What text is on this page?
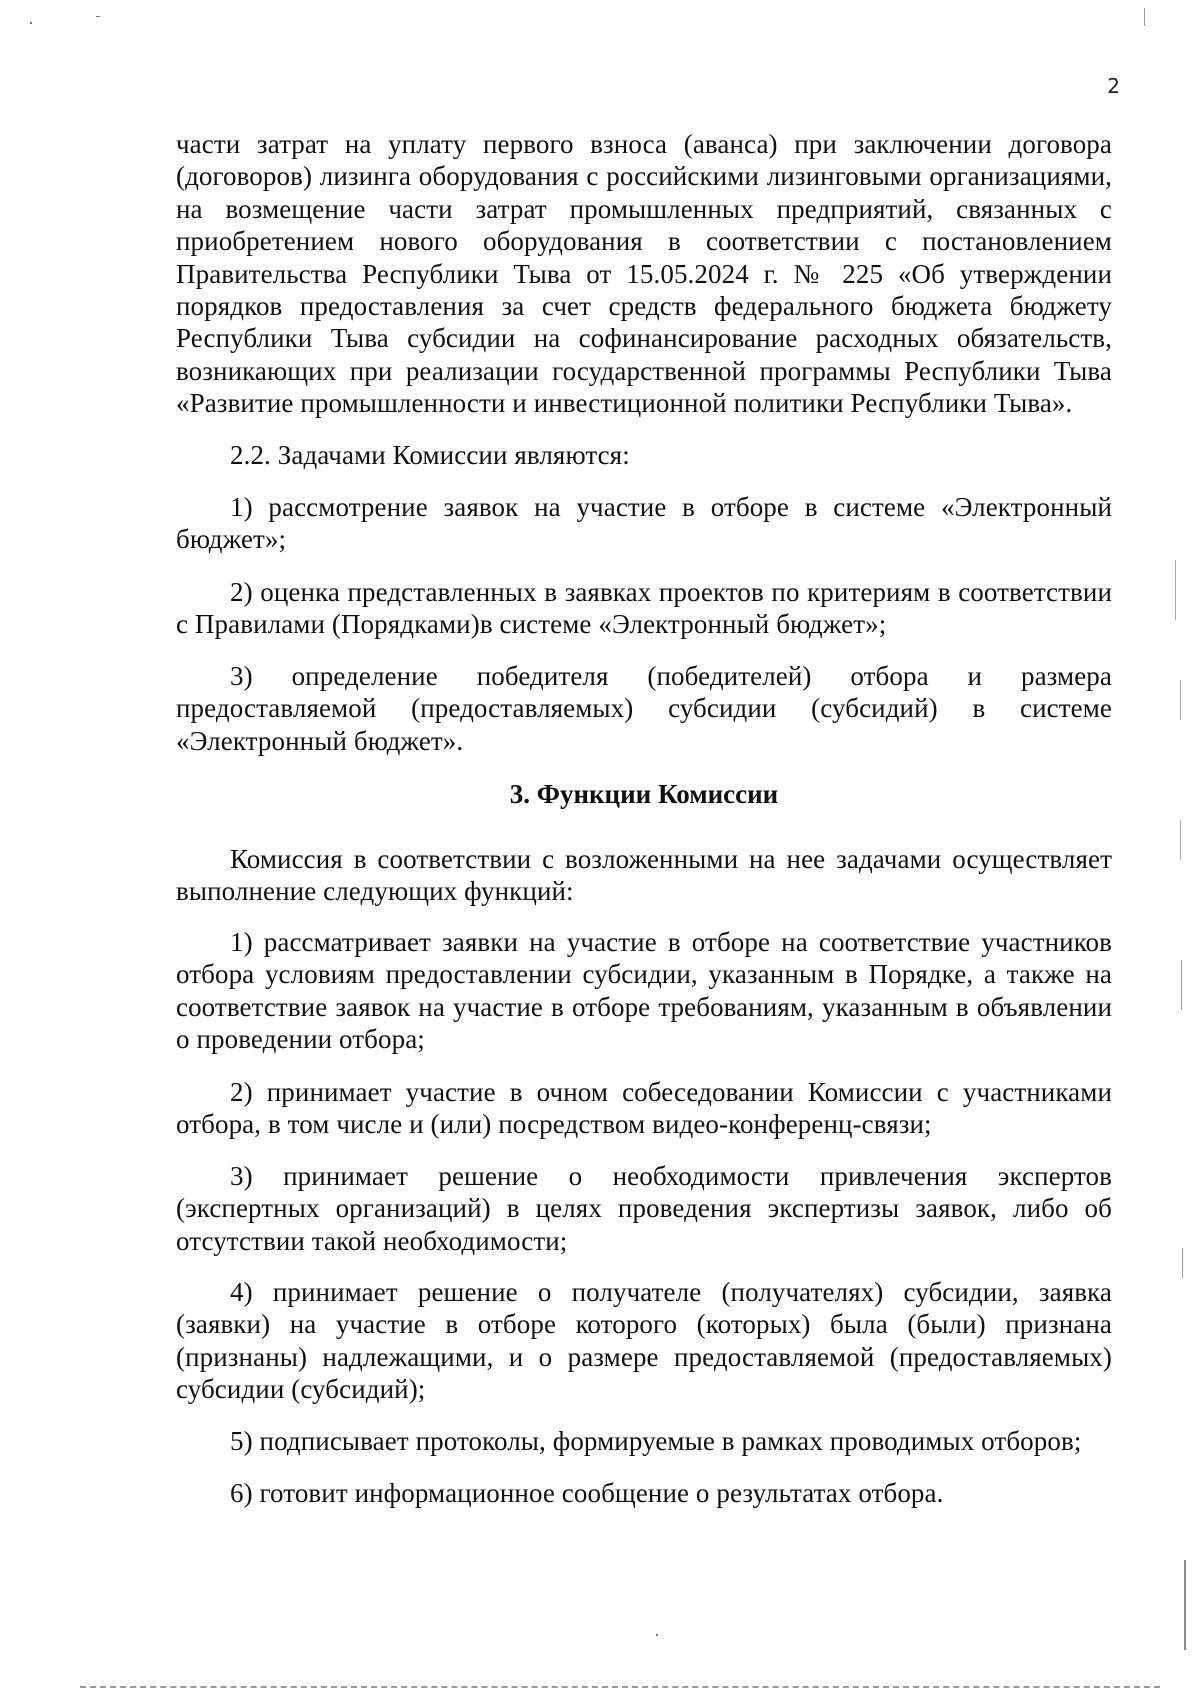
2
части затрат на уплату первого взноса (аванса) при заключении договора (договоров) лизинга оборудования с российскими лизинговыми организациями, на возмещение части затрат промышленных предприятий, связанных с приобретением нового оборудования в соответствии с постановлением Правительства Республики Тыва от 15.05.2024 г. № 225 «Об утверждении порядков предоставления за счет средств федерального бюджета бюджету Республики Тыва субсидии на софинансирование расходных обязательств, возникающих при реализации государственной программы Республики Тыва «Развитие промышленности и инвестиционной политики Республики Тыва».
2.2. Задачами Комиссии являются:
1) рассмотрение заявок на участие в отборе в системе «Электронный бюджет»;
2) оценка представленных в заявках проектов по критериям в соответствии с Правилами (Порядками)в системе «Электронный бюджет»;
3) определение победителя (победителей) отбора и размера предоставляемой (предоставляемых) субсидии (субсидий) в системе «Электронный бюджет».
3. Функции Комиссии
Комиссия в соответствии с возложенными на нее задачами осуществляет выполнение следующих функций:
1) рассматривает заявки на участие в отборе на соответствие участников отбора условиям предоставлении субсидии, указанным в Порядке, а также на соответствие заявок на участие в отборе требованиям, указанным в объявлении о проведении отбора;
2) принимает участие в очном собеседовании Комиссии с участниками отбора, в том числе и (или) посредством видео-конференц-связи;
3) принимает решение о необходимости привлечения экспертов (экспертных организаций) в целях проведения экспертизы заявок, либо об отсутствии такой необходимости;
4) принимает решение о получателе (получателях) субсидии, заявка (заявки) на участие в отборе которого (которых) была (были) признана (признаны) надлежащими, и о размере предоставляемой (предоставляемых) субсидии (субсидий);
5) подписывает протоколы, формируемые в рамках проводимых отборов;
6) готовит информационное сообщение о результатах отбора.
